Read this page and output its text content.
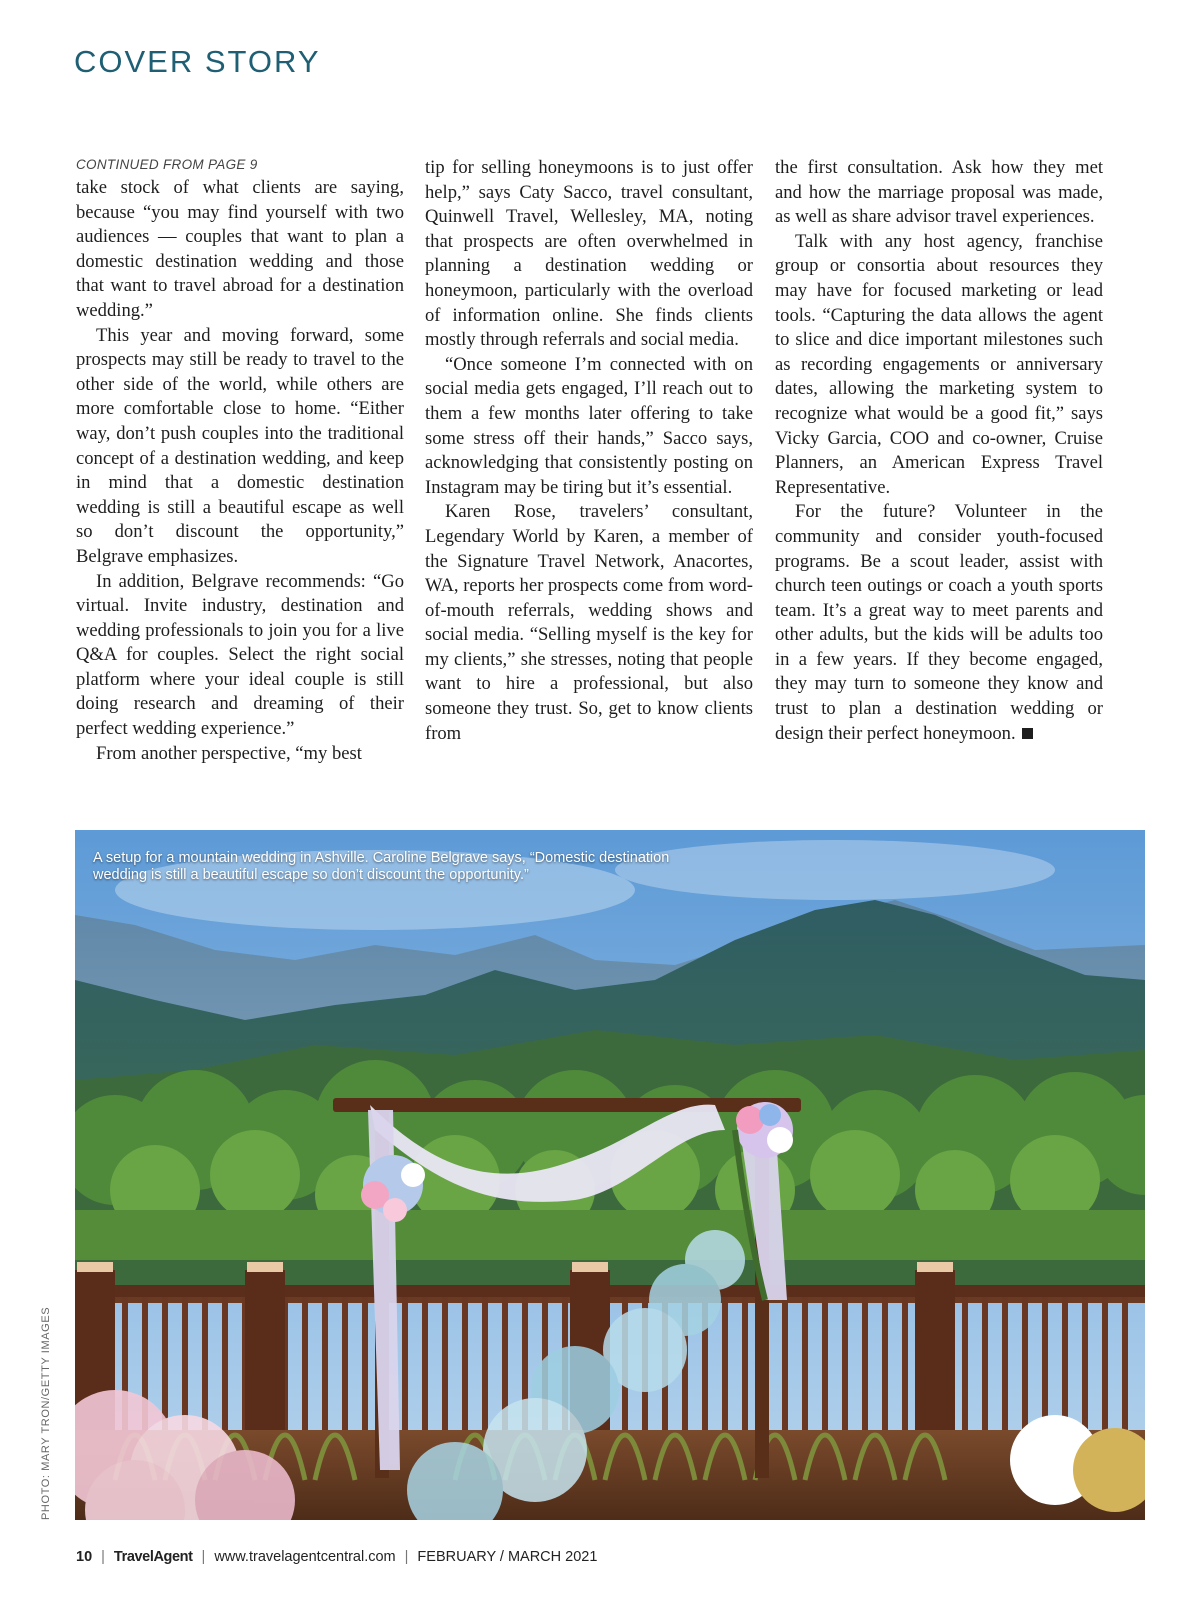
COVER STORY
CONTINUED FROM PAGE 9

take stock of what clients are saying, because “you may find yourself with two audiences — couples that want to plan a domestic destination wedding and those that want to travel abroad for a destination wedding.”

This year and moving forward, some prospects may still be ready to travel to the other side of the world, while others are more comfortable close to home. “Either way, don’t push couples into the traditional concept of a destination wedding, and keep in mind that a domestic destination wedding is still a beautiful escape as well so don’t discount the opportunity,” Belgrave emphasizes.

In addition, Belgrave recommends: “Go virtual. Invite industry, destination and wedding professionals to join you for a live Q&A for couples. Select the right social platform where your ideal couple is still doing research and dreaming of their perfect wedding experience.”

From another perspective, “my best

tip for selling honeymoons is to just offer help,” says Caty Sacco, travel consultant, Quinwell Travel, Wellesley, MA, noting that prospects are often overwhelmed in planning a destination wedding or honeymoon, particularly with the overload of information online. She finds clients mostly through referrals and social media.

“Once someone I’m connected with on social media gets engaged, I’ll reach out to them a few months later offering to take some stress off their hands,” Sacco says, acknowledging that consistently posting on Instagram may be tiring but it’s essential.

Karen Rose, travelers’ consultant, Legendary World by Karen, a member of the Signature Travel Network, Anacortes, WA, reports her prospects come from word-of-mouth referrals, wedding shows and social media. “Selling myself is the key for my clients,” she stresses, noting that people want to hire a professional, but also someone they trust. So, get to know clients from

the first consultation. Ask how they met and how the marriage proposal was made, as well as share advisor travel experiences.

Talk with any host agency, franchise group or consortia about resources they may have for focused marketing or lead tools. “Capturing the data allows the agent to slice and dice important milestones such as recording engagements or anniversary dates, allowing the marketing system to recognize what would be a good fit,” says Vicky Garcia, COO and co-owner, Cruise Planners, an American Express Travel Representative.

For the future? Volunteer in the community and consider youth-focused programs. Be a scout leader, assist with church teen outings or coach a youth sports team. It’s a great way to meet parents and other adults, but the kids will be adults too in a few years. If they become engaged, they may turn to someone they know and trust to plan a destination wedding or design their perfect honeymoon.

A setup for a mountain wedding in Ashville. Caroline Belgrave says, “Domestic destination wedding is still a beautiful escape so don’t discount the opportunity.”
PHOTO: MARY TRON/GETTY IMAGES
10 | TravelAgent | www.travelagentcentral.com | FEBRUARY / MARCH 2021
